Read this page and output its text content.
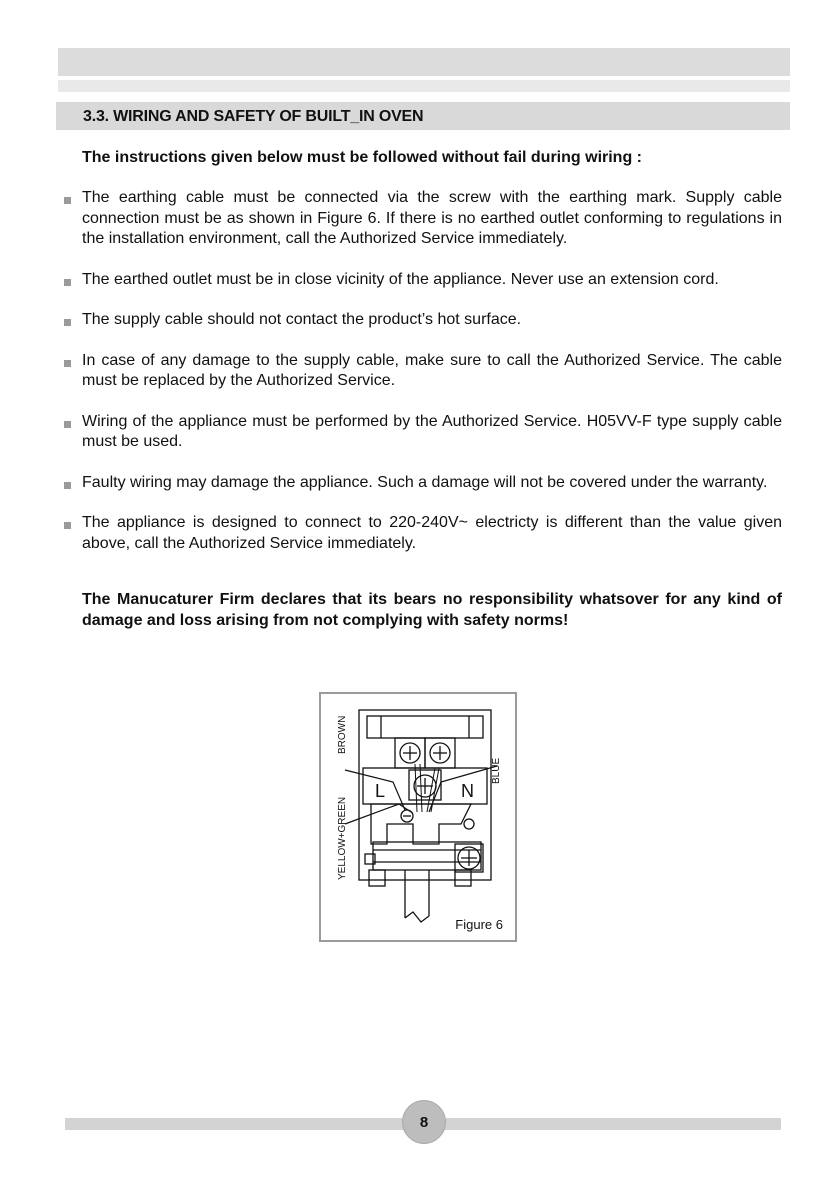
3.3. WIRING AND SAFETY OF BUILT_IN OVEN
The instructions given below must be followed without fail during wiring :
The earthing cable must be connected via the screw with the earthing mark. Supply cable connection must be as shown in Figure 6. If there is no earthed outlet conforming to regulations in the installation environment, call the Authorized Service immediately.
The earthed outlet must be in close vicinity of the appliance. Never use an extension cord.
The supply cable should not contact the product’s hot surface.
In case of any damage to the supply cable, make sure to call the Authorized Service. The cable must be replaced by the Authorized Service.
Wiring of the appliance must be performed by the Authorized Service. H05VV-F type supply cable must be used.
Faulty wiring may damage the appliance. Such a damage will not be covered under the warranty.
The appliance is designed to connect to 220-240V~ electricty is different than the value given above, call the Authorized Service immediately.
The Manucaturer Firm declares that its bears no responsibility whatsover for any kind of damage and loss arising from not complying with safety norms!
L	N
BROWN
YELLOW+GREEN
BLUE
Figure 6
8
